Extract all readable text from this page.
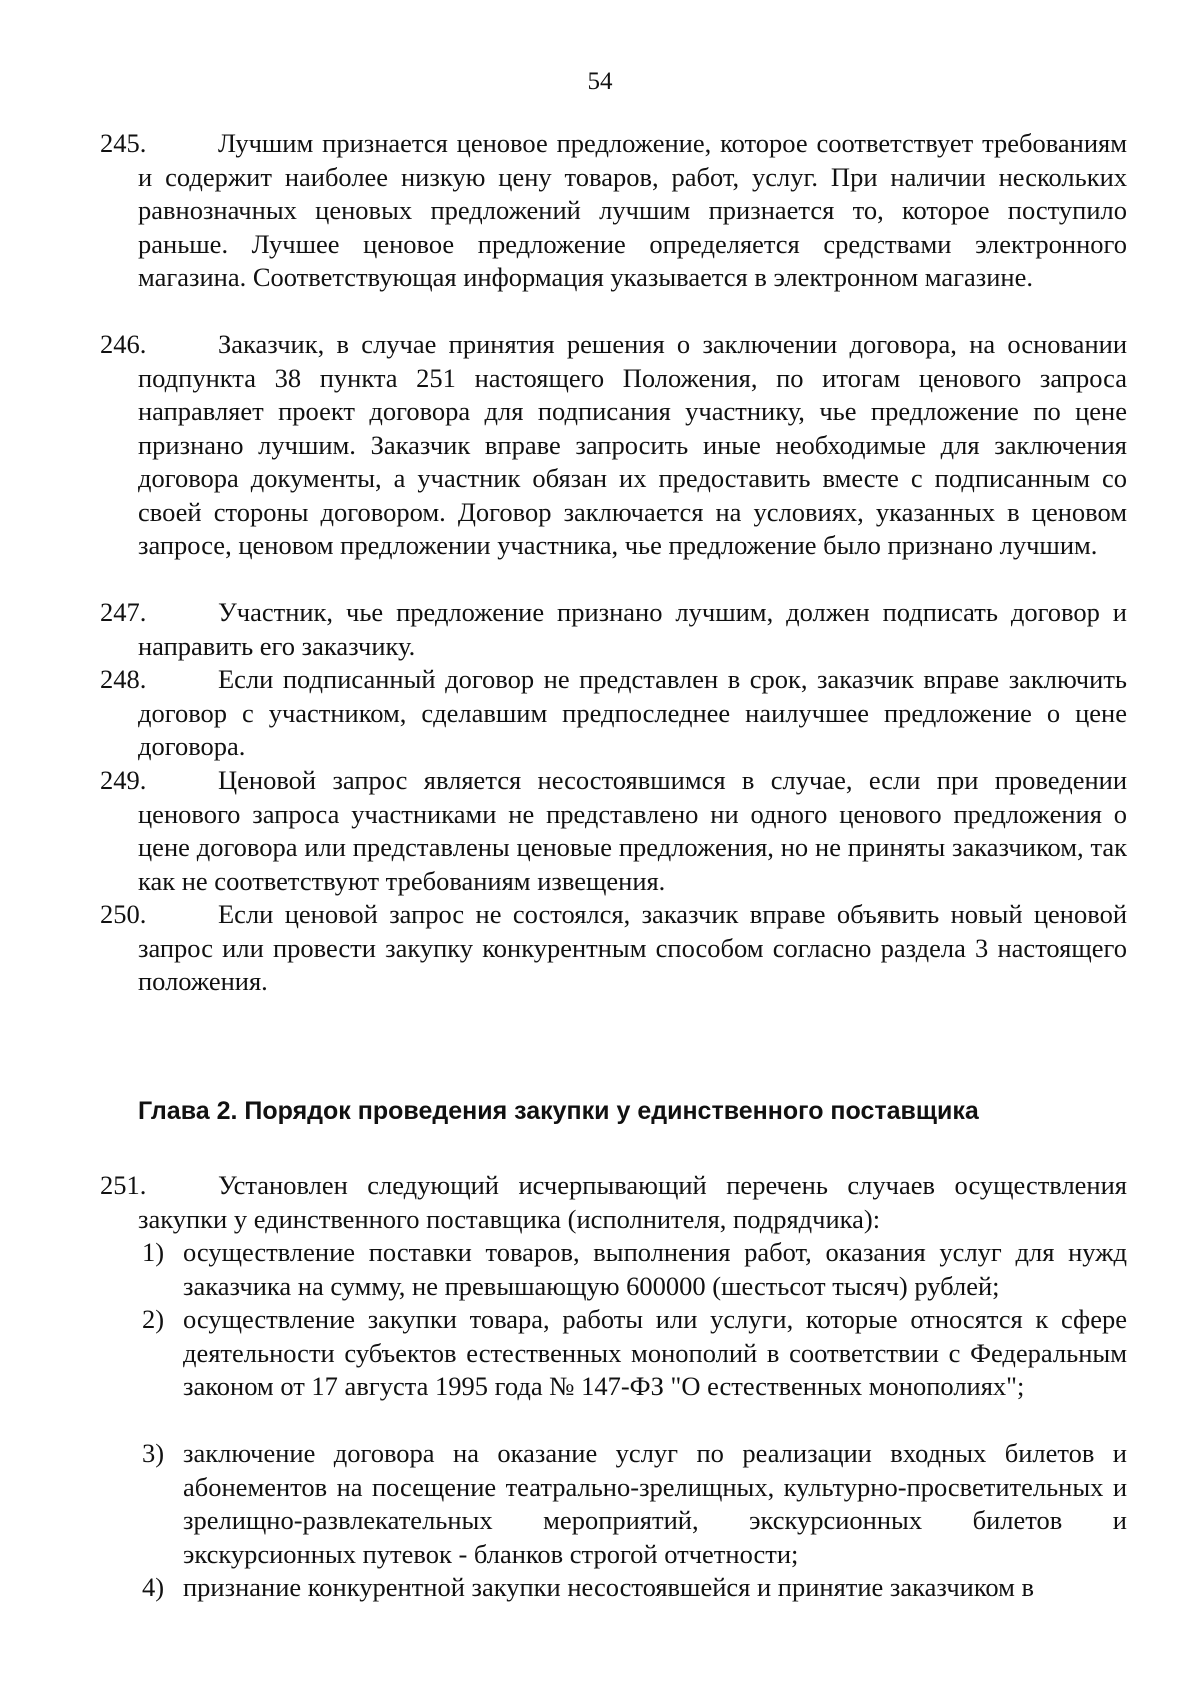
54
245.	Лучшим признается ценовое предложение, которое соответствует требованиям и содержит наиболее низкую цену товаров, работ, услуг. При наличии нескольких равнозначных ценовых предложений лучшим признается то, которое поступило раньше. Лучшее ценовое предложение определяется средствами электронного магазина. Соответствующая информация указывается в электронном магазине.
246.	Заказчик, в случае принятия решения о заключении договора, на основании подпункта 38 пункта 251 настоящего Положения, по итогам ценового запроса направляет проект договора для подписания участнику, чье предложение по цене признано лучшим. Заказчик вправе запросить иные необходимые для заключения договора документы, а участник обязан их предоставить вместе с подписанным со своей стороны договором. Договор заключается на условиях, указанных в ценовом запросе, ценовом предложении участника, чье предложение было признано лучшим.
247.	Участник, чье предложение признано лучшим, должен подписать договор и направить его заказчику.
248.	Если подписанный договор не представлен в срок, заказчик вправе заключить договор с участником, сделавшим предпоследнее наилучшее предложение о цене договора.
249.	Ценовой запрос является несостоявшимся в случае, если при проведении ценового запроса участниками не представлено ни одного ценового предложения о цене договора или представлены ценовые предложения, но не приняты заказчиком, так как не соответствуют требованиям извещения.
250.	Если ценовой запрос не состоялся, заказчик вправе объявить новый ценовой запрос или провести закупку конкурентным способом согласно раздела 3 настоящего положения.
Глава 2. Порядок проведения закупки у единственного поставщика
251.	Установлен следующий исчерпывающий перечень случаев осуществления закупки у единственного поставщика (исполнителя, подрядчика):
1) осуществление поставки товаров, выполнения работ, оказания услуг для нужд заказчика на сумму, не превышающую 600000 (шестьсот тысяч) рублей;
2) осуществление закупки товара, работы или услуги, которые относятся к сфере деятельности субъектов естественных монополий в соответствии с Федеральным законом от 17 августа 1995 года № 147-ФЗ "О естественных монополиях";
3) заключение договора на оказание услуг по реализации входных билетов и абонементов на посещение театрально-зрелищных, культурно-просветительных и зрелищно-развлекательных мероприятий, экскурсионных билетов и экскурсионных путевок - бланков строгой отчетности;
4) признание конкурентной закупки несостоявшейся и принятие заказчиком в
